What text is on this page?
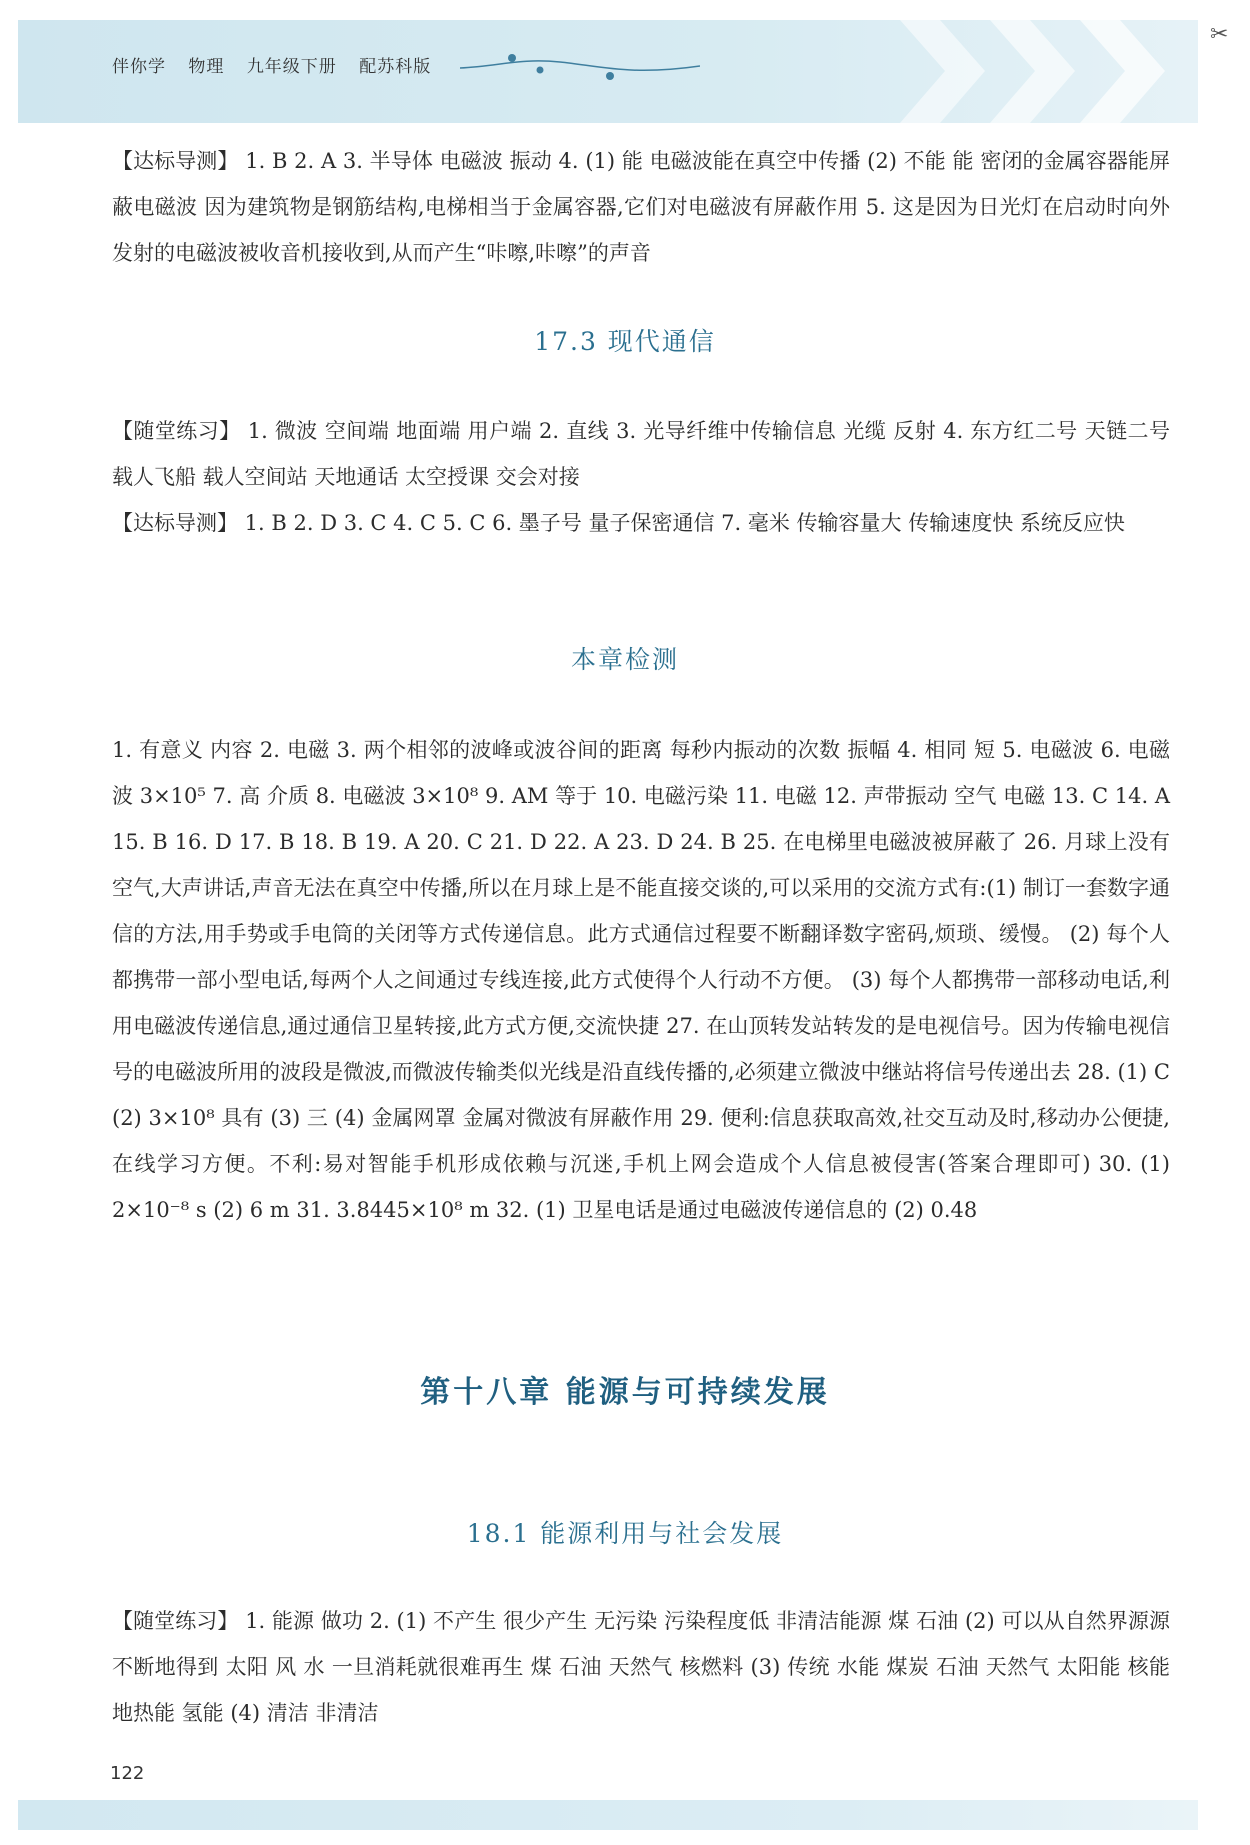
伴你学 物理 九年级下册 配苏科版
✂
【达标导测】 1. B 2. A 3. 半导体 电磁波 振动 4. (1) 能 电磁波能在真空中传播 (2) 不能 能 密闭的金属容器能屏蔽电磁波 因为建筑物是钢筋结构,电梯相当于金属容器,它们对电磁波有屏蔽作用 5. 这是因为日光灯在启动时向外发射的电磁波被收音机接收到,从而产生“咔嚓,咔嚓”的声音
17.3 现代通信
【随堂练习】 1. 微波 空间端 地面端 用户端 2. 直线 3. 光导纤维中传输信息 光缆 反射 4. 东方红二号 天链二号 载人飞船 载人空间站 天地通话 太空授课 交会对接
【达标导测】 1. B 2. D 3. C 4. C 5. C 6. 墨子号 量子保密通信 7. 毫米 传输容量大 传输速度快 系统反应快
本章检测
1. 有意义 内容 2. 电磁 3. 两个相邻的波峰或波谷间的距离 每秒内振动的次数 振幅 4. 相同 短 5. 电磁波 6. 电磁波 3×10⁵ 7. 高 介质 8. 电磁波 3×10⁸ 9. AM 等于 10. 电磁污染 11. 电磁 12. 声带振动 空气 电磁 13. C 14. A 15. B 16. D 17. B 18. B 19. A 20. C 21. D 22. A 23. D 24. B 25. 在电梯里电磁波被屏蔽了 26. 月球上没有空气,大声讲话,声音无法在真空中传播,所以在月球上是不能直接交谈的,可以采用的交流方式有:(1) 制订一套数字通信的方法,用手势或手电筒的关闭等方式传递信息。此方式通信过程要不断翻译数字密码,烦琐、缓慢。 (2) 每个人都携带一部小型电话,每两个人之间通过专线连接,此方式使得个人行动不方便。 (3) 每个人都携带一部移动电话,利用电磁波传递信息,通过通信卫星转接,此方式方便,交流快捷 27. 在山顶转发站转发的是电视信号。因为传输电视信号的电磁波所用的波段是微波,而微波传输类似光线是沿直线传播的,必须建立微波中继站将信号传递出去 28. (1) C (2) 3×10⁸ 具有 (3) 三 (4) 金属网罩 金属对微波有屏蔽作用 29. 便利:信息获取高效,社交互动及时,移动办公便捷,在线学习方便。不利:易对智能手机形成依赖与沉迷,手机上网会造成个人信息被侵害(答案合理即可) 30. (1) 2×10⁻⁸ s (2) 6 m 31. 3.8445×10⁸ m 32. (1) 卫星电话是通过电磁波传递信息的 (2) 0.48
第十八章 能源与可持续发展
18.1 能源利用与社会发展
【随堂练习】 1. 能源 做功 2. (1) 不产生 很少产生 无污染 污染程度低 非清洁能源 煤 石油 (2) 可以从自然界源源不断地得到 太阳 风 水 一旦消耗就很难再生 煤 石油 天然气 核燃料 (3) 传统 水能 煤炭 石油 天然气 太阳能 核能 地热能 氢能 (4) 清洁 非清洁
122
